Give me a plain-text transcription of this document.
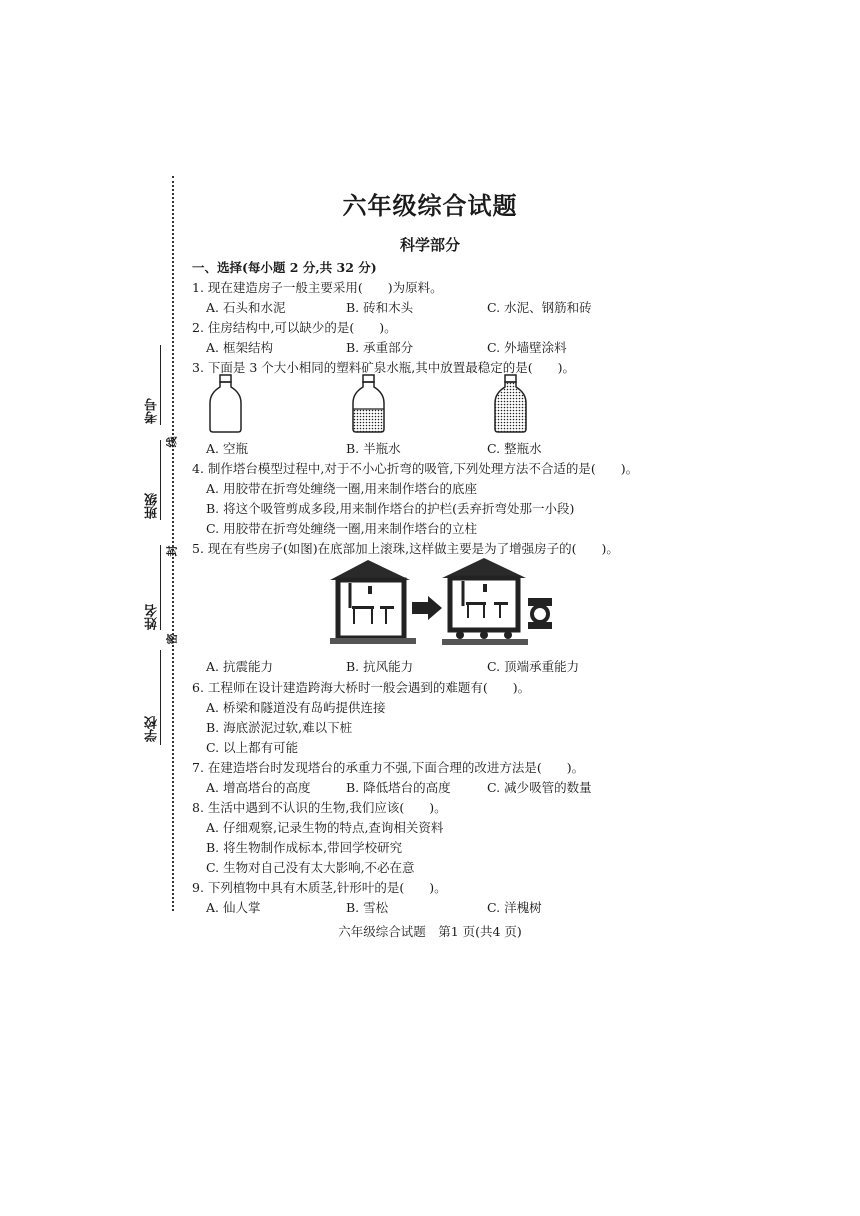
考号
班级
姓名
学校
线
封
密
六年级综合试题
科学部分
一、选择(每小题 2 分,共 32 分)
1. 现在建造房子一般主要采用(　　)为原料。
A. 石头和水泥	B. 砖和木头	C. 水泥、钢筋和砖
2. 住房结构中,可以缺少的是(　　)。
A. 框架结构	B. 承重部分	C. 外墙壁涂料
3. 下面是 3 个大小相同的塑料矿泉水瓶,其中放置最稳定的是(　　)。
A. 空瓶	B. 半瓶水	C. 整瓶水
4. 制作塔台模型过程中,对于不小心折弯的吸管,下列处理方法不合适的是(　　)。
A. 用胶带在折弯处缠绕一圈,用来制作塔台的底座
B. 将这个吸管剪成多段,用来制作塔台的护栏(丢弃折弯处那一小段)
C. 用胶带在折弯处缠绕一圈,用来制作塔台的立柱
5. 现在有些房子(如图)在底部加上滚珠,这样做主要是为了增强房子的(　　)。
A. 抗震能力	B. 抗风能力	C. 顶端承重能力
6. 工程师在设计建造跨海大桥时一般会遇到的难题有(　　)。
A. 桥梁和隧道没有岛屿提供连接
B. 海底淤泥过软,难以下桩
C. 以上都有可能
7. 在建造塔台时发现塔台的承重力不强,下面合理的改进方法是(　　)。
A. 增高塔台的高度	B. 降低塔台的高度	C. 减少吸管的数量
8. 生活中遇到不认识的生物,我们应该(　　)。
A. 仔细观察,记录生物的特点,查询相关资料
B. 将生物制作成标本,带回学校研究
C. 生物对自己没有太大影响,不必在意
9. 下列植物中具有木质茎,针形叶的是(　　)。
A. 仙人掌	B. 雪松	C. 洋槐树
六年级综合试题　第1 页(共4 页)
